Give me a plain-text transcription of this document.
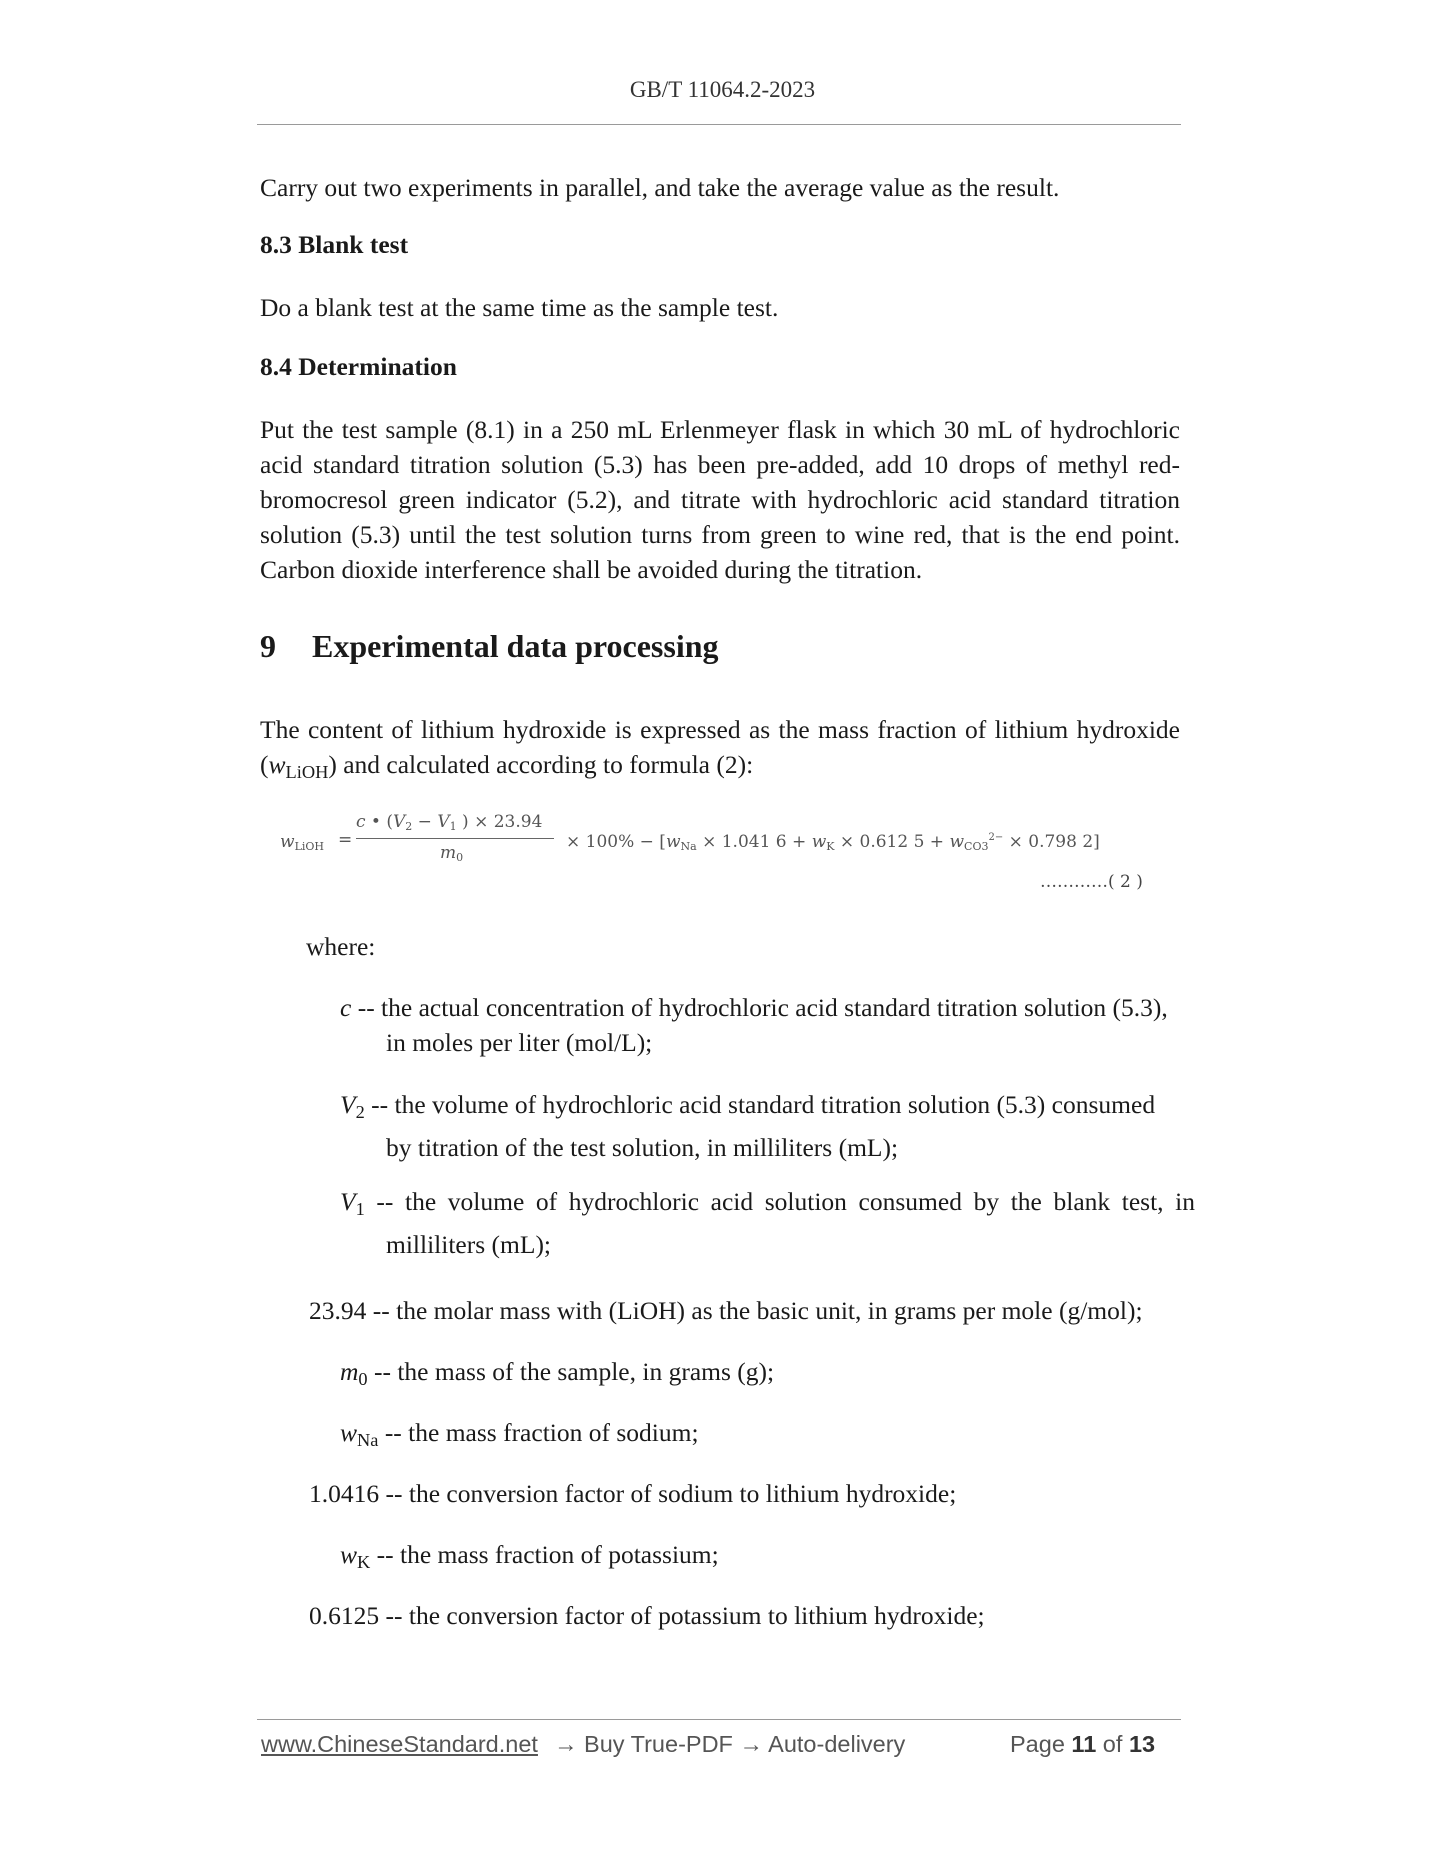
GB/T 11064.2-2023
Carry out two experiments in parallel, and take the average value as the result.
8.3 Blank test
Do a blank test at the same time as the sample test.
8.4 Determination
Put the test sample (8.1) in a 250 mL Erlenmeyer flask in which 30 mL of hydrochloric acid standard titration solution (5.3) has been pre-added, add 10 drops of methyl red-bromocresol green indicator (5.2), and titrate with hydrochloric acid standard titration solution (5.3) until the test solution turns from green to wine red, that is the end point. Carbon dioxide interference shall be avoided during the titration.
9 Experimental data processing
The content of lithium hydroxide is expressed as the mass fraction of lithium hydroxide $(w_{LiOH})$ and calculated according to formula (2):
wLiOH =
c • (V2 − V1 ) × 23.94
m0
× 100% − [wNa × 1.041 6 + wK × 0.612 $5 + wCO3^{2-} \times 0.798$ 2]
…………( 2 )
where:
c -- the actual concentration of hydrochloric acid standard titration solution (5.3),
in moles per liter (mol/L);
$V_2$ -- the volume of hydrochloric acid standard titration solution (5.3) consumed
by titration of the test solution, in milliliters (mL);
$V_1$ -- the volume of hydrochloric acid solution consumed by the blank test, in
milliliters (mL);
23.94 -- the molar mass with (LiOH) as the basic unit, in grams per mole (g/mol);
$m_0$ -- the mass of the sample, in grams (g);
$w_{Na}$ -- the mass fraction of sodium;
1.0416 -- the conversion factor of sodium to lithium hydroxide;
$w_K$ -- the mass fraction of potassium;
0.6125 -- the conversion factor of potassium to lithium hydroxide;
www.ChineseStandard.net → Buy True-PDF → Auto-delivery	Page 11 of 13
